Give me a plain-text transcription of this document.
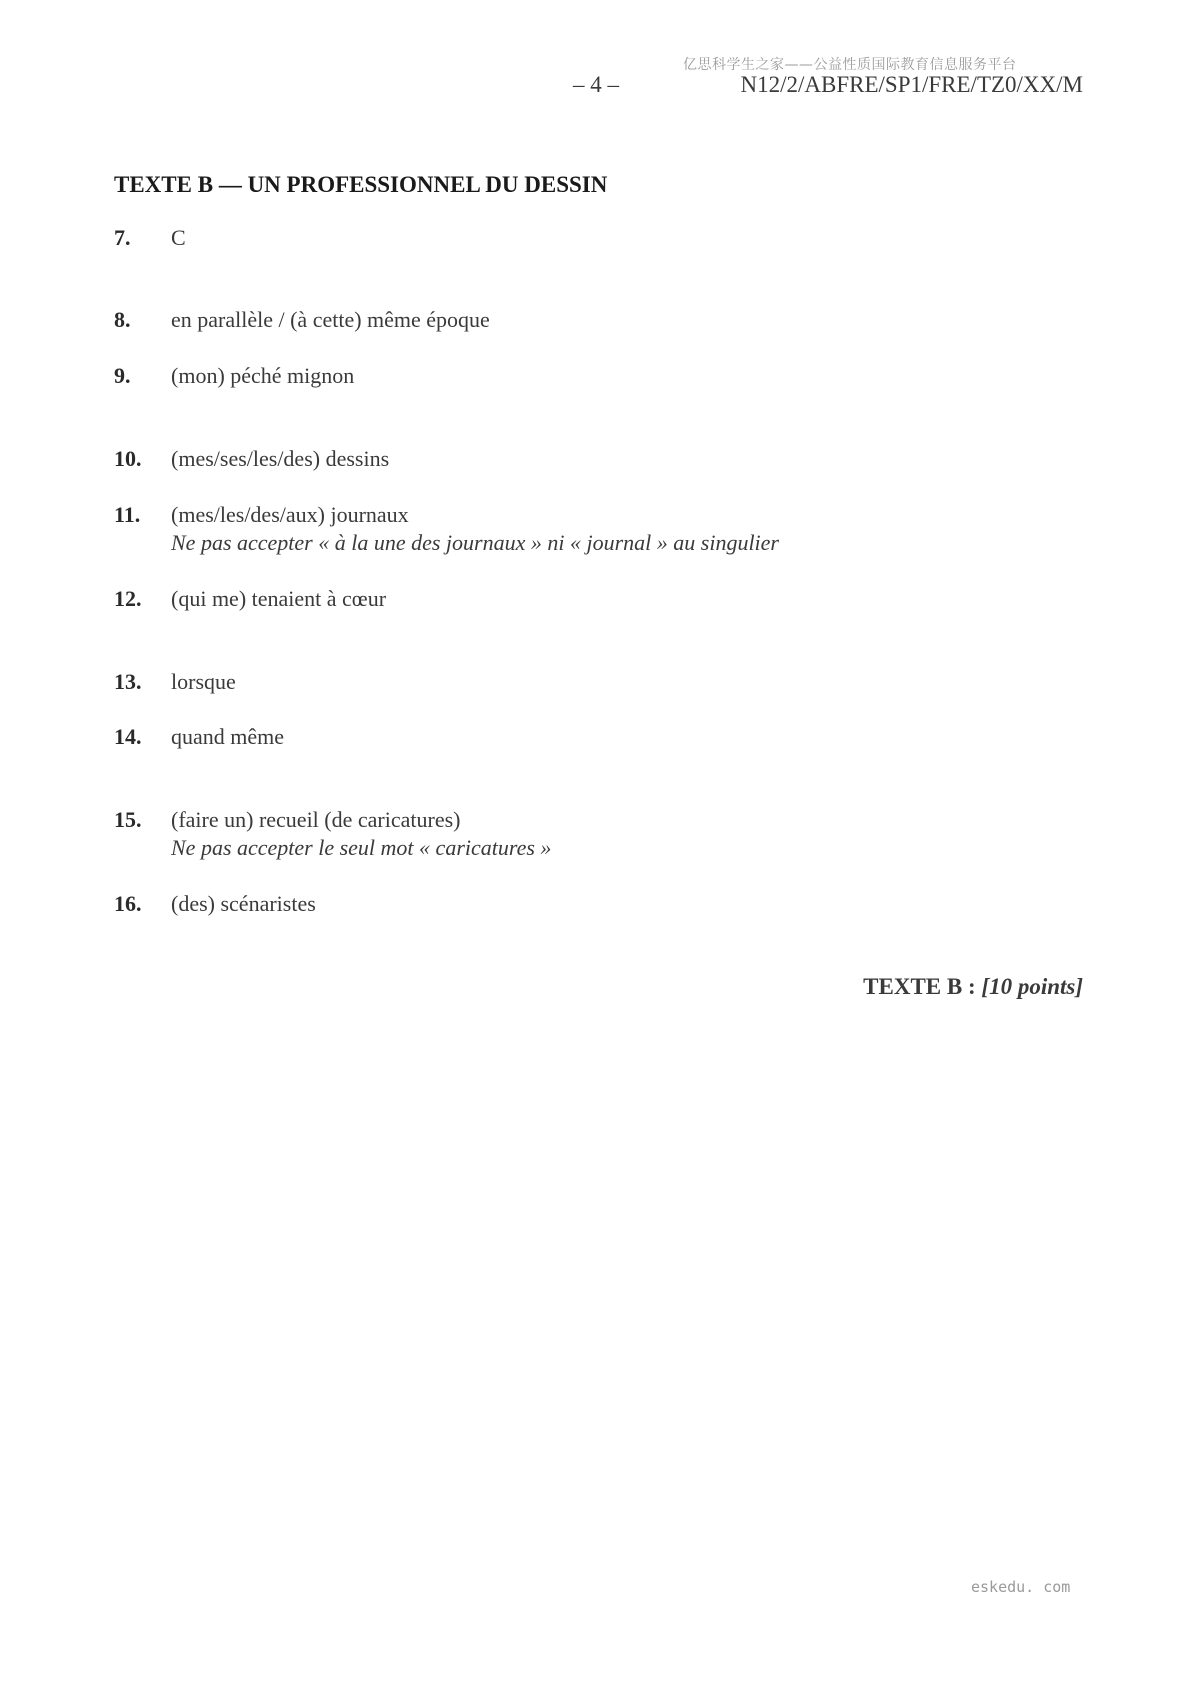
亿思科学生之家——公益性质国际教育信息服务平台
– 4 –	N12/2/ABFRE/SP1/FRE/TZ0/XX/M
TEXTE B — UN PROFESSIONNEL DU DESSIN
7. C
8. en parallèle / (à cette) même époque
9. (mon) péché mignon
10. (mes/ses/les/des) dessins
11. (mes/les/des/aux) journaux
Ne pas accepter « à la une des journaux » ni « journal » au singulier
12. (qui me) tenaient à cœur
13. lorsque
14. quand même
15. (faire un) recueil (de caricatures)
Ne pas accepter le seul mot « caricatures »
16. (des) scénaristes
TEXTE B : [10 points]
eskedu. com
